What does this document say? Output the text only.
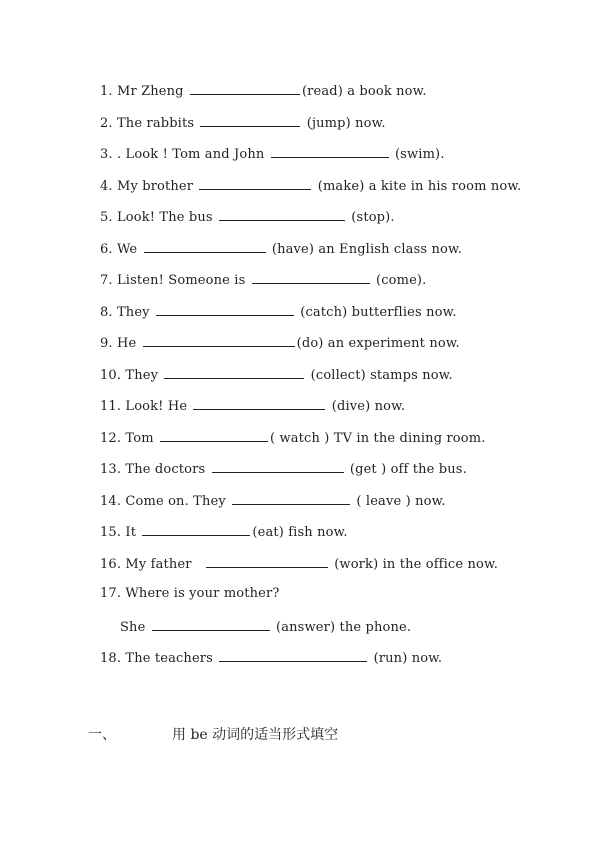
1. Mr Zheng	(read) a book now.
2. The rabbits	(jump) now.
3. . Look ! Tom and John	(swim).
4. My brother	(make) a kite in his room now.
5. Look! The bus	(stop).
6. We	(have) an English class now.
7. Listen! Someone is	(come).
8. They	(catch) butterflies now.
9. He	(do) an experiment now.
10. They	(collect) stamps now.
11. Look! He	(dive) now.
12. Tom	( watch ) TV in the dining room.
13. The doctors	(get ) off the bus.
14. Come on. They	( leave ) now.
15. It	(eat) fish now.
16. My father	(work) in the office now.
17. Where is your mother?
She	(answer) the phone.
18. The teachers	(run) now.
一、	用 be 动词的适当形式填空
